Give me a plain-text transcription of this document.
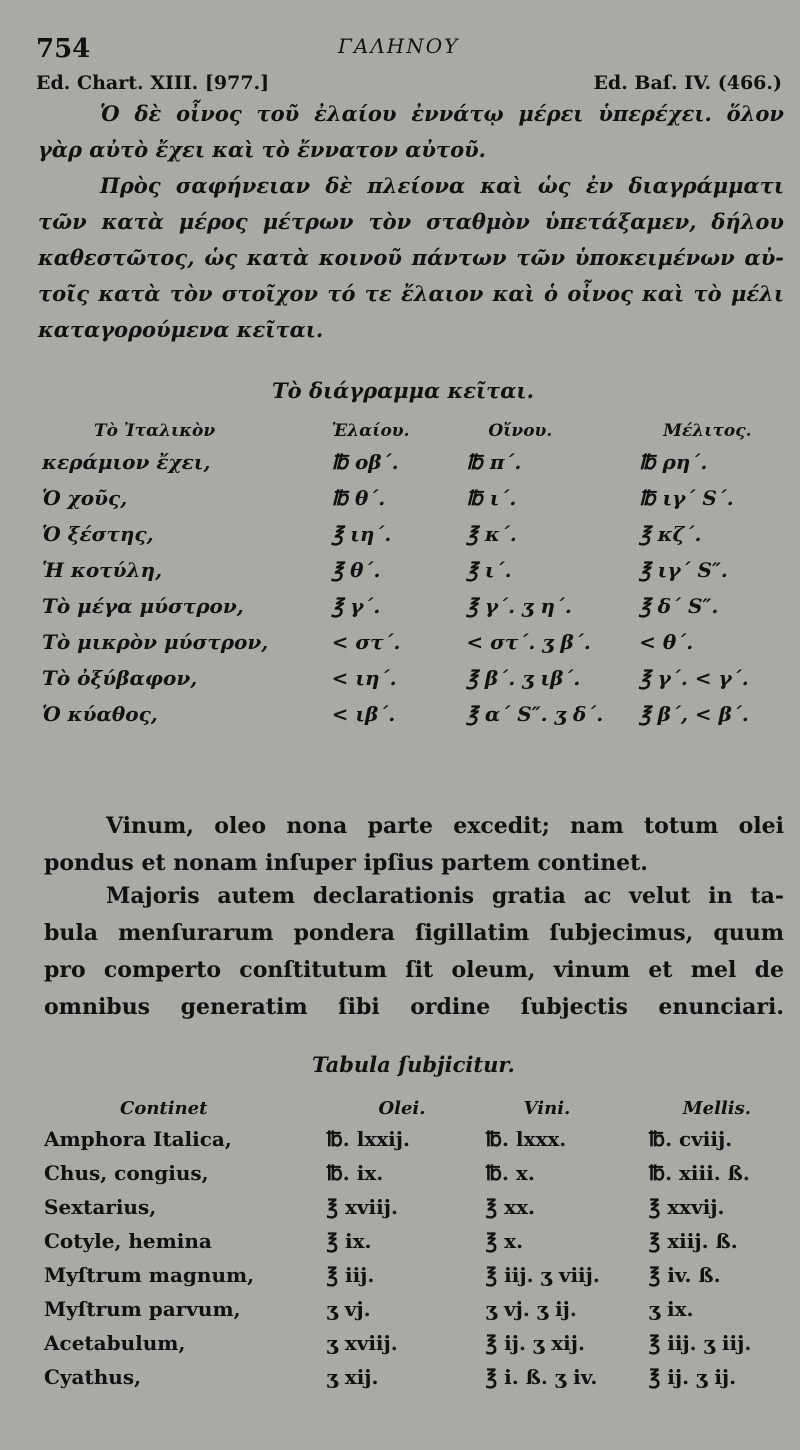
754	ΓΑΛΗΝΟΥ
Ed. Chart. XIII. [977.]	Ed. Baſ. IV. (466.)
Ὁ δὲ οἶνος τοῦ ἐλαίου ἐννάτῳ μέρει ὑπερέχει. ὅλον
γὰρ αὐτὸ ἔχει καὶ τὸ ἔννατον αὐτοῦ.
Πρὸς σαφήνειαν δὲ πλείονα καὶ ὡς ἐν διαγράμματι
τῶν κατὰ μέρος μέτρων τὸν σταθμὸν ὑπετάξαμεν, δήλου
καθεστῶτος, ὡς κατὰ κοινοῦ πάντων τῶν ὑποκειμένων αὐ-
τοῖς κατὰ τὸν στοῖχον τό τε ἔλαιον καὶ ὁ οἶνος καὶ τὸ μέλι
καταγορούμενα κεῖται.
Τὸ διάγραμμα κεῖται.
Τὸ Ἰταλικὸν	Ἐλαίου.	Οἴνου.	Μέλιτος.
κεράμιον ἔχει,	℔ οβ΄.	℔ π΄.	℔ ρη΄.
Ὁ χοῦς,	℔ θ΄.	℔ ι΄.	℔ ιγ΄ S΄.
Ὁ ξέστης,	℥ ιη΄.	℥ κ΄.	℥ κζ΄.
Ἡ κοτύλη,	℥ θ΄.	℥ ι΄.	℥ ιγ΄ S″.
Τὸ μέγα μύστρον,	℥ γ΄.	℥ γ΄. ʒ η΄.	℥ δ΄ S″.
Τὸ μικρὸν μύστρον,	< στ΄.	< στ΄. ʒ β΄.	< θ΄.
Τὸ ὀξύβαφον,	< ιη΄.	℥ β΄. ʒ ιβ΄.	℥ γ΄. < γ΄.
Ὁ κύαθος,	< ιβ΄.	℥ α΄ S″. ʒ δ΄.	℥ β΄, < β΄.
Vinum, oleo nona parte excedit; nam totum olei
pondus et nonam inſuper ipſius partem continet.
Majoris autem declarationis gratia ac velut in ta-
bula menſurarum pondera ſigillatim ſubjecimus, quum
pro comperto conſtitutum ſit oleum, vinum et mel de
omnibus generatim ſibi ordine ſubjectis enunciari.
Tabula ſubjicitur.
Continet	Olei.	Vini.	Mellis.
Amphora Italica,	℔. lxxij.	℔. lxxx.	℔. cviij.
Chus, congius,	℔. ix.	℔. x.	℔. xiii. ß.
Sextarius,	℥ xviij.	℥ xx.	℥ xxvij.
Cotyle, hemina	℥ ix.	℥ x.	℥ xiij. ß.
Myſtrum magnum,	℥ iij.	℥ iij. ʒ viij.	℥ iv. ß.
Myſtrum parvum,	ʒ vj.	ʒ vj. ʒ ij.	ʒ ix.
Acetabulum,	ʒ xviij.	℥ ij. ʒ xij.	℥ iij. ʒ iij.
Cyathus,	ʒ xij.	℥ i. ß. ʒ iv.	℥ ij. ʒ ij.
